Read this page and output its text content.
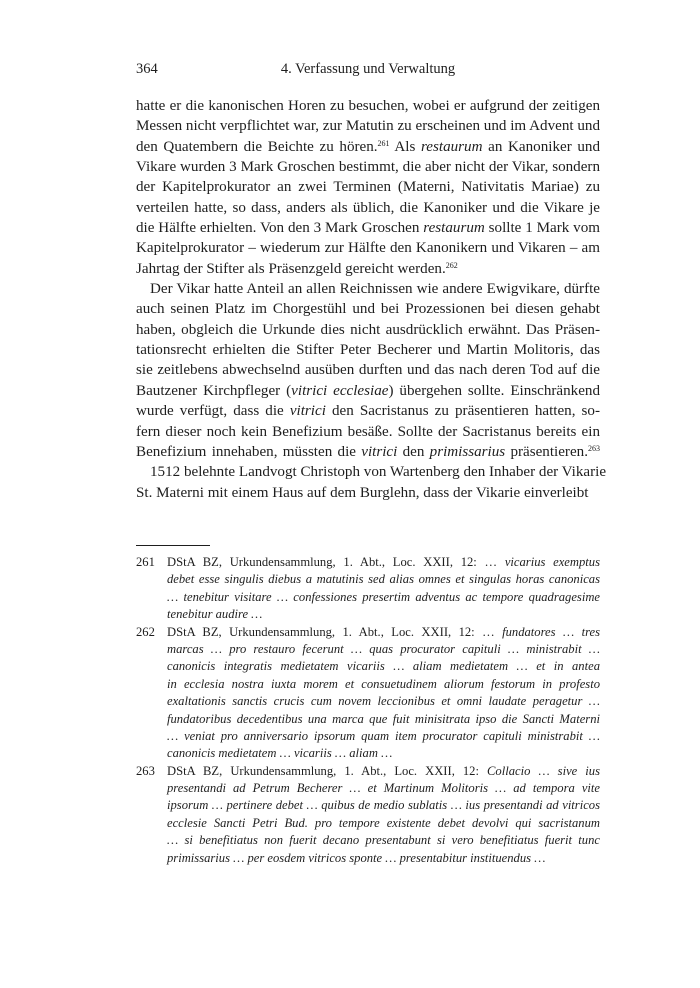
364	4. Verfassung und Verwaltung
hatte er die kanonischen Horen zu besuchen, wobei er aufgrund der zeitigen
Messen nicht verpflichtet war, zur Matutin zu erscheinen und im Advent und
den Quatembern die Beichte zu hören.$^{261}$ Als restaurum an Kanoniker und
Vikare wurden 3 Mark Groschen bestimmt, die aber nicht der Vikar, sondern
der Kapitelprokurator an zwei Terminen (Materni, Nativitatis Mariae) zu
verteilen hatte, so dass, anders als üblich, die Kanoniker und die Vikare je
die Hälfte erhielten. Von den 3 Mark Groschen restaurum sollte 1 Mark vom
Kapitelprokurator – wiederum zur Hälfte den Kanonikern und Vikaren – am
Jahrtag der Stifter als Präsenzgeld gereicht werden.$^{262}$
Der Vikar hatte Anteil an allen Reichnissen wie andere Ewigvikare, dürfte
auch seinen Platz im Chorgestühl und bei Prozessionen bei diesen gehabt
haben, obgleich die Urkunde dies nicht ausdrücklich erwähnt. Das Präsen-
tationsrecht erhielten die Stifter Peter Becherer und Martin Molitoris, das
sie zeitlebens abwechselnd ausüben durften und das nach deren Tod auf die
Bautzener Kirchpfleger (vitrici ecclesiae) übergehen sollte. Einschränkend
wurde verfügt, dass die vitrici den Sacristanus zu präsentieren hatten, so-
fern dieser noch kein Benefizium besäße. Sollte der Sacristanus bereits ein
Benefizium innehaben, müssten die vitrici den primissarius präsentieren.$^{263}$
1512 belehnte Landvogt Christoph von Wartenberg den Inhaber der Vikarie
St. Materni mit einem Haus auf dem Burglehn, dass der Vikarie einverleibt
261 DStA BZ, Urkundensammlung, 1. Abt., Loc. XXII, 12: … vicarius exemptus
debet esse singulis diebus a matutinis sed alias omnes et singulas horas canonicas
… tenebitur visitare … confessiones presertim adventus ac tempore quadragesime
tenebitur audire …
262 DStA BZ, Urkundensammlung, 1. Abt., Loc. XXII, 12: … fundatores … tres
marcas … pro restauro fecerunt … quas procurator capituli … ministrabit …
canonicis integratis medietatem vicariis … aliam medietatem … et in antea
in ecclesia nostra iuxta morem et consuetudinem aliorum festorum in profesto
exaltationis sanctis crucis cum novem leccionibus et omni laudate peragetur …
fundatoribus decedentibus una marca que fuit minisitrata ipso die Sancti Materni
… veniat pro anniversario ipsorum quam item procurator capituli ministrabit …
canonicis medietatem … vicariis … aliam …
263 DStA BZ, Urkundensammlung, 1. Abt., Loc. XXII, 12: Collacio … sive ius
presentandi ad Petrum Becherer … et Martinum Molitoris … ad tempora vite
ipsorum … pertinere debet … quibus de medio sublatis … ius presentandi ad vitricos
ecclesie Sancti Petri Bud. pro tempore existente debet devolvi qui sacristanum
… si benefitiatus non fuerit decano presentabunt si vero benefitiatus fuerit tunc
primissarius … per eosdem vitricos sponte … presentabitur instituendus …
